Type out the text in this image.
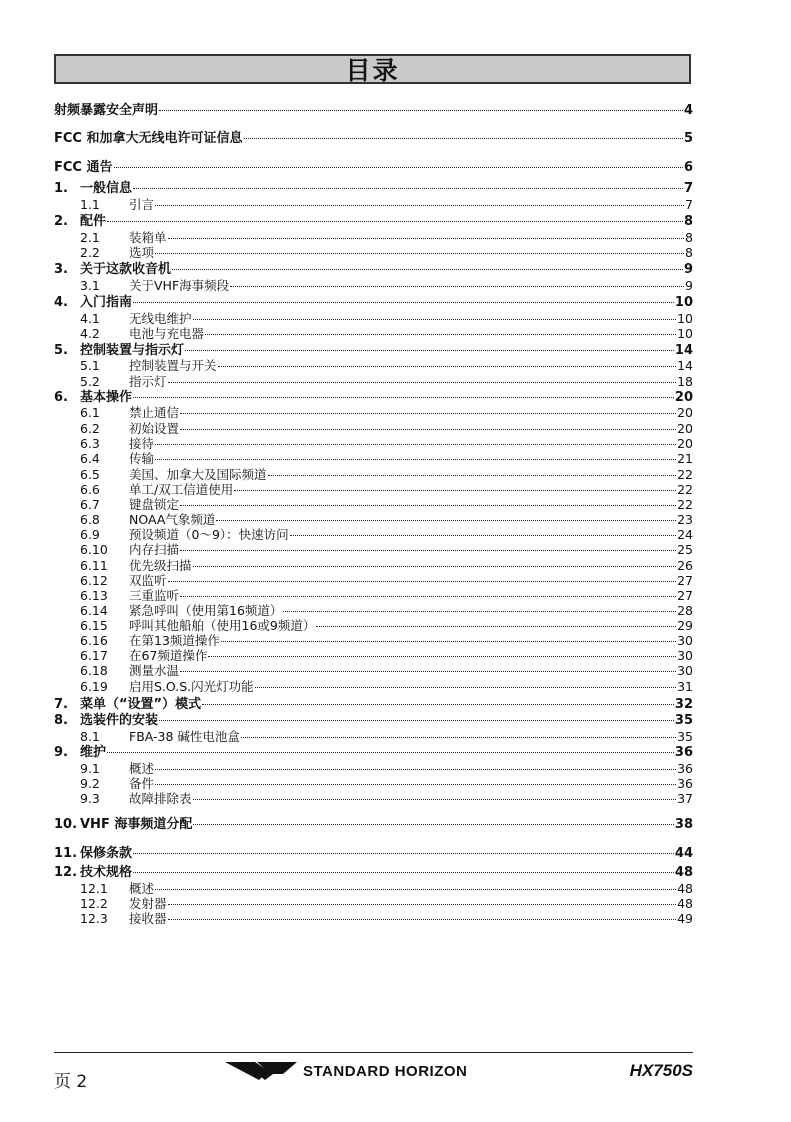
目录
射频暴露安全声明	4
FCC 和加拿大无线电许可证信息	5
FCC 通告	6
1. 一般信息	7
1.1	引言	7
2. 配件	8
2.1	装箱单	8
2.2	选项	8
3. 关于这款收音机	9
3.1	关于VHF海事频段	9
4. 入门指南	10
4.1	无线电维护	10
4.2	电池与充电器	10
5. 控制装置与指示灯	14
5.1	控制装置与开关	14
5.2	指示灯	18
6. 基本操作	20
6.1	禁止通信	20
6.2	初始设置	20
6.3	接待	20
6.4	传输	21
6.5	美国、加拿大及国际频道	22
6.6	单工/双工信道使用	22
6.7	键盘锁定	22
6.8	NOAA气象频道	23
6.9	预设频道（0～9）：快速访问	24
6.10	内存扫描	25
6.11	优先级扫描	26
6.12	双监听	27
6.13	三重监听	27
6.14	紧急呼叫（使用第16频道）	28
6.15	呼叫其他船舶（使用16或9频道）	29
6.16	在第13频道操作	30
6.17	在67频道操作	30
6.18	测量水温	30
6.19	启用S.O.S.闪光灯功能	31
7. 菜单（“设置”）模式	32
8. 选装件的安装	35
8.1	FBA-38 碱性电池盒	35
9. 维护	36
9.1	概述	36
9.2	备件	36
9.3	故障排除表	37
10. VHF 海事频道分配	38
11. 保修条款	44
12. 技术规格	48
12.1	概述	48
12.2	发射器	48
12.3	接收器	49
页 2
STANDARD HORIZON	HX750S
